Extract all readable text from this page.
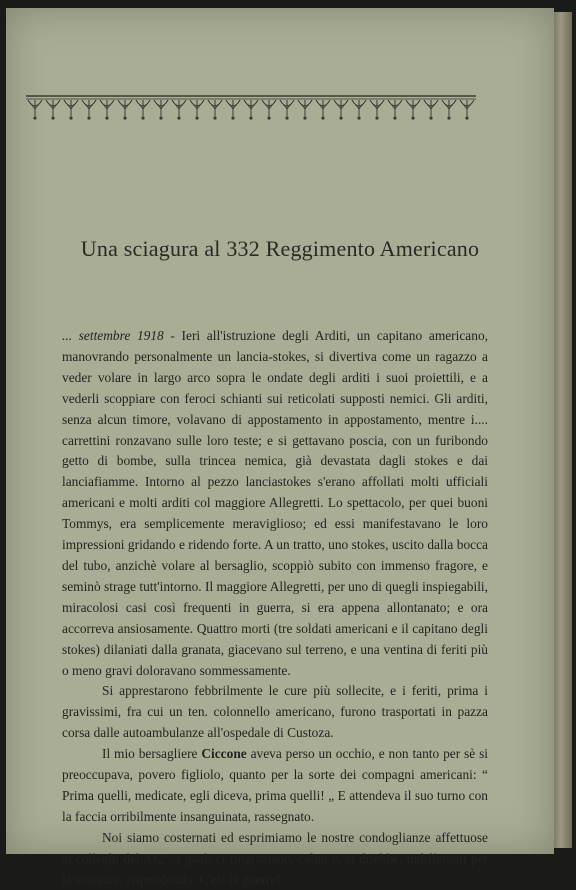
Una sciagura al 332 Reggimento Americano

... settembre 1918 - Ieri all'istruzione degli Arditi, un capitano americano, manovrando personalmente un lancia-stokes, si divertiva come un ragazzo a veder volare in largo arco sopra le ondate degli arditi i suoi proiettili, e a vederli scoppiare con feroci schianti sui reticolati supposti nemici. Gli arditi, senza alcun timore, volavano di appostamento in appostamento, mentre i.... carrettini ronzavano sulle loro teste; e si gettavano poscia, con un furibondo getto di bombe, sulla trincea nemica, già devastata dagli stokes e dai lanciafiamme. Intorno al pezzo lanciastokes s'erano affollati molti ufficiali americani e molti arditi col maggiore Allegretti. Lo spettacolo, per quei buoni Tommys, era semplicemente meraviglioso; ed essi manifestavano le loro impressioni gridando e ridendo forte. A un tratto, uno stokes, uscito dalla bocca del tubo, anzichè volare al bersaglio, scoppiò subito con immenso fragore, e seminò strage tutt'intorno. Il maggiore Allegretti, per uno di quegli inspiegabili, miracolosi casi così frequenti in guerra, si era appena allontanato; e ora accorreva ansiosamente. Quattro morti (tre soldati americani e il capitano degli stokes) dilaniati dalla granata, giacevano sul terreno, e una ventina di feriti più o meno gravi doloravano sommessamente.

Si apprestarono febbrilmente le cure più sollecite, e i feriti, prima i gravissimi, fra cui un ten. colonnello americano, furono trasportati in pazza corsa dalle autoambulanze all'ospedale di Custoza.

Il mio bersagliere Ciccone aveva perso un occhio, e non tanto per sè si preoccupava, povero figliolo, quanto per la sorte dei compagni americani: “ Prima quelli, medicate, egli diceva, prima quelli! „ E attendeva il suo turno con la faccia orribilmente insanguinata, rassegnato.

Noi siamo costernati ed esprimiamo le nostre condoglianze affettuose ai colleghi del 332°, i quali ci ringraziano, calmi e, si direbbe, indifferenti per la sciagura, rispondendo: C'est la guerre!
